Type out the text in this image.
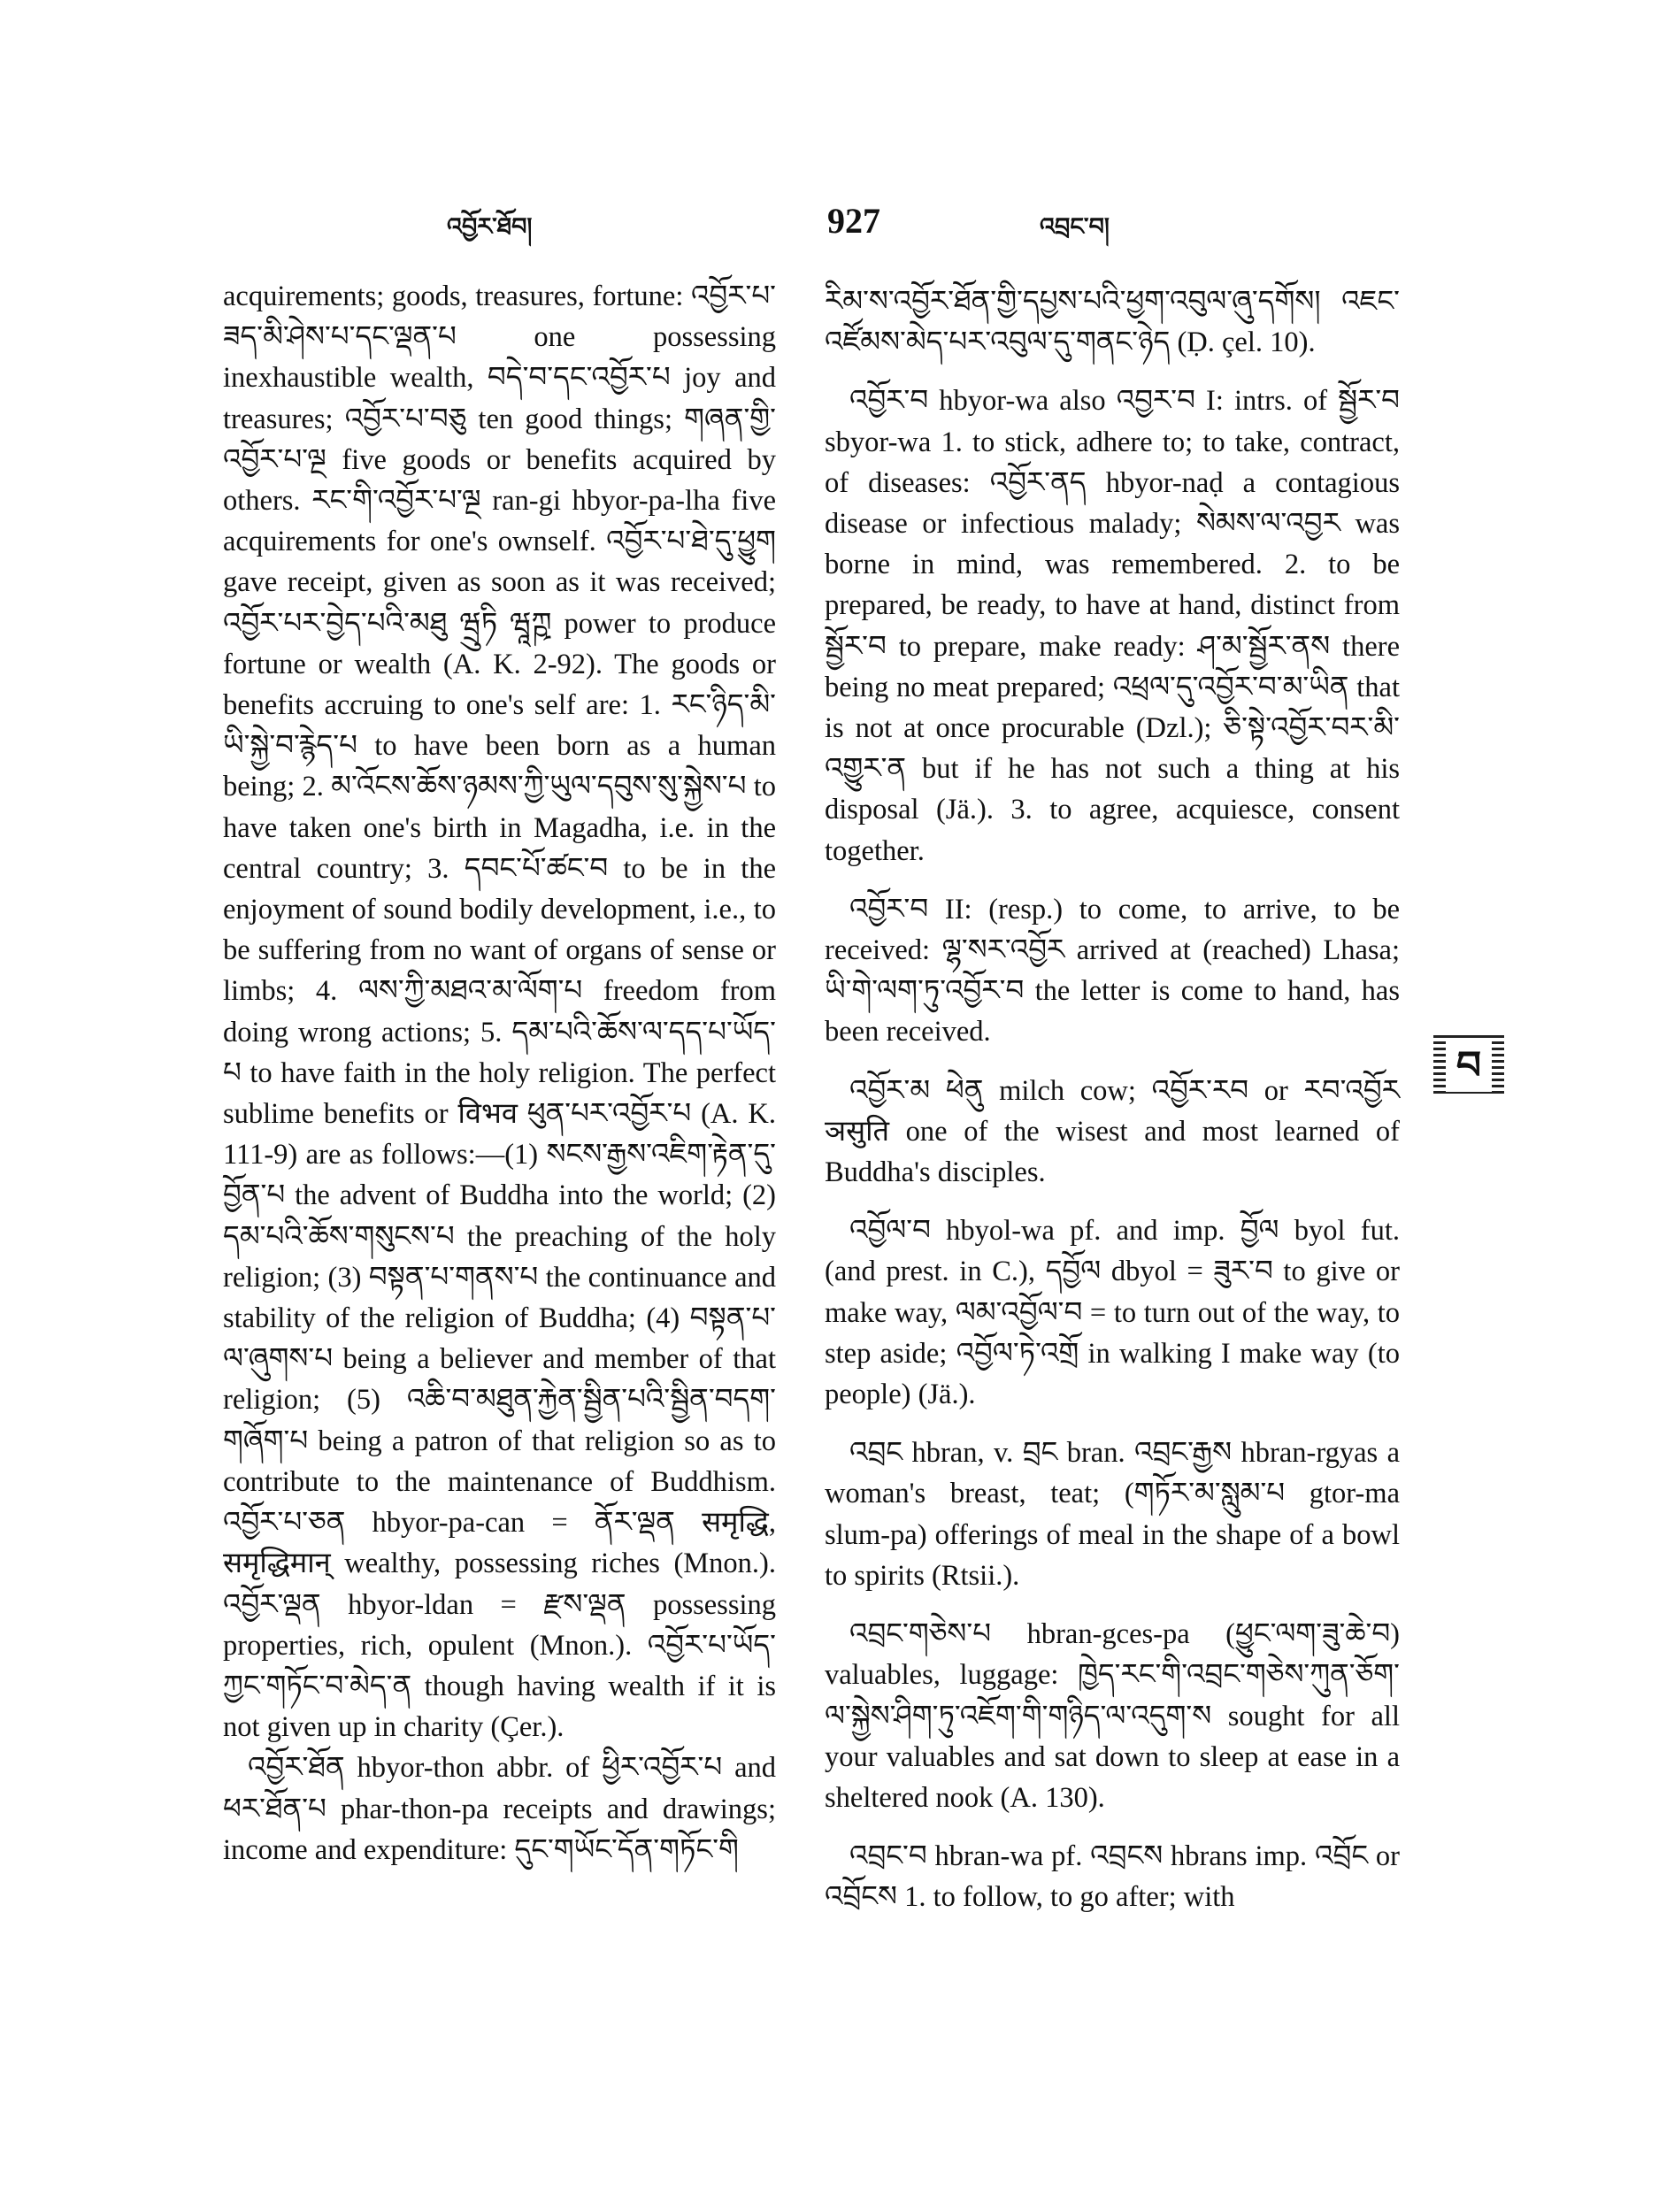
འབྱོར་ཐོབ།	927	འབྲང་བ།

acquirements; goods, treasures, fortune: འབྱོར་པ་ཟད་མི་ཤེས་པ་དང་ལྡན་པ one possessing inexhaustible wealth, བདེ་བ་དང་འབྱོར་པ joy and treasures; འབྱོར་པ་བཅུ ten good things; གཞན་གྱི་འབྱོར་པ་ལྔ five goods or benefits acquired by others. རང་གི་འབྱོར་པ་ལྔ ran-gi hbyor-pa-lha five acquirements for one's ownself. འབྱོར་པ་ཐེ་དུ་ཕྱུག gave receipt, given as soon as it was received; འབྱོར་པར་བྱེད་པའི་མཐུ ཝྲུཏི ཝཱཀྵ power to produce fortune or wealth (A. K. 2-92). The goods or benefits accruing to one's self are: 1. རང་ཉིད་མི་ཡི་སྐྱེ་བ་རྙེད་པ to have been born as a human being; 2. མ་འོངས་ཆོས་ཉམས་ཀྱི་ཡུལ་དབུས་སུ་སྐྱེས་པ to have taken one's birth in Magadha, i.e. in the central country; 3. དབང་པོ་ཚང་བ to be in the enjoyment of sound bodily development, i.e., to be suffering from no want of organs of sense or limbs; 4. ལས་ཀྱི་མཐའ་མ་ལོག་པ freedom from doing wrong actions; 5. དམ་པའི་ཆོས་ལ་དད་པ་ཡོད་པ to have faith in the holy religion. The perfect sublime benefits or विभव ཕུན་པར་འབྱོར་པ (A. K. 111-9) are as follows:—(1) སངས་རྒྱས་འཇིག་རྟེན་དུ་བྱོན་པ the advent of Buddha into the world; (2) དམ་པའི་ཆོས་གསུངས་པ the preaching of the holy religion; (3) བསྟན་པ་གནས་པ the continuance and stability of the religion of Buddha; (4) བསྟན་པ་ལ་ཞུགས་པ being a believer and member of that religion; (5) འཆི་བ་མཐུན་རྐྱེན་སྦྱིན་པའི་སྦྱིན་བདག་གཞོག་པ being a patron of that religion so as to contribute to the maintenance of Buddhism. འབྱོར་པ་ཅན hbyor-pa-can = ནོར་ལྡན समृद्धि, समृद्धिमान् wealthy, possessing riches (Mnon.). འབྱོར་ལྡན hbyor-ldan = རྫས་ལྡན possessing properties, rich, opulent (Mnon.). འབྱོར་པ་ཡོད་ཀྱང་གཏོང་བ་མེད་ན though having wealth if it is not given up in charity (Çer.).

འབྱོར་ཐོན hbyor-thon abbr. of ཕྱིར་འབྱོར་པ and ཕར་ཐོན་པ phar-thon-pa receipts and drawings; income and expenditure: དུང་གཡོང་དོན་གཏོང་གི

རིམ་ས་འབྱོར་ཐོན་གྱི་དཔྱས་པའི་ཕྱག་འབུལ་ཞུ་དགོས། འཇང་འཛོམས་མེད་པར་འབུལ་དུ་གནང་ཉེད (Ḍ. çel. 10).

འབྱོར་བ hbyor-wa also འབྱར་བ I: intrs. of སྦྱོར་བ sbyor-wa 1. to stick, adhere to; to take, contract, of diseases: འབྱོར་ནད hbyor-naḍ a contagious disease or infectious malady; སེམས་ལ་འབྱར was borne in mind, was remembered. 2. to be prepared, be ready, to have at hand, distinct from སྦྱོར་བ to prepare, make ready: ཤ་མ་སྦྱོར་ནས there being no meat prepared; འཕྲལ་དུ་འབྱོར་བ་མ་ཡིན that is not at once procurable (Dzl.); ཅི་སྟེ་འབྱོར་བར་མི་འགྱུར་ན but if he has not such a thing at his disposal (Jä.). 3. to agree, acquiesce, consent together.

འབྱོར་བ II: (resp.) to come, to arrive, to be received: ལྷ་སར་འབྱོར arrived at (reached) Lhasa; ཡི་གེ་ལག་ཏུ་འབྱོར་བ the letter is come to hand, has been received.

འབྱོར་མ ཕེནུ milch cow; འབྱོར་རབ or རབ་འབྱོར ञसुति one of the wisest and most learned of Buddha's disciples.

འབྱོལ་བ hbyol-wa pf. and imp. བྱོལ byol fut. (and prest. in C.), དབྱོལ dbyol = ཟུར་བ to give or make way, ལམ་འབྱོལ་བ = to turn out of the way, to step aside; འབྱོལ་ཏེ་འགྲོ in walking I make way (to people) (Jä.).

འབྲང hbran, v. བྲང bran. འབྲང་རྒྱས hbran-rgyas a woman's breast, teat; (གཏོར་མ་སླུམ་པ gtor-ma slum-pa) offerings of meal in the shape of a bowl to spirits (Rtsii.).

འབྲང་གཅེས་པ hbran-gces-pa (ཕྱུང་ལག་ཟུ་ཆེ་བ) valuables, luggage: ཁྱེད་རང་གི་འབྲང་གཅེས་ཀུན་ཅོག་ལ་སྐྱེས་ཤིག་ཏུ་འཇོག་གི་གཉིད་ལ་འདུག་ས sought for all your valuables and sat down to sleep at ease in a sheltered nook (A. 130).

འབྲང་བ hbran-wa pf. འབྲངས hbrans imp. འབྲོང or འབྲོངས 1. to follow, to go after; with

བ
